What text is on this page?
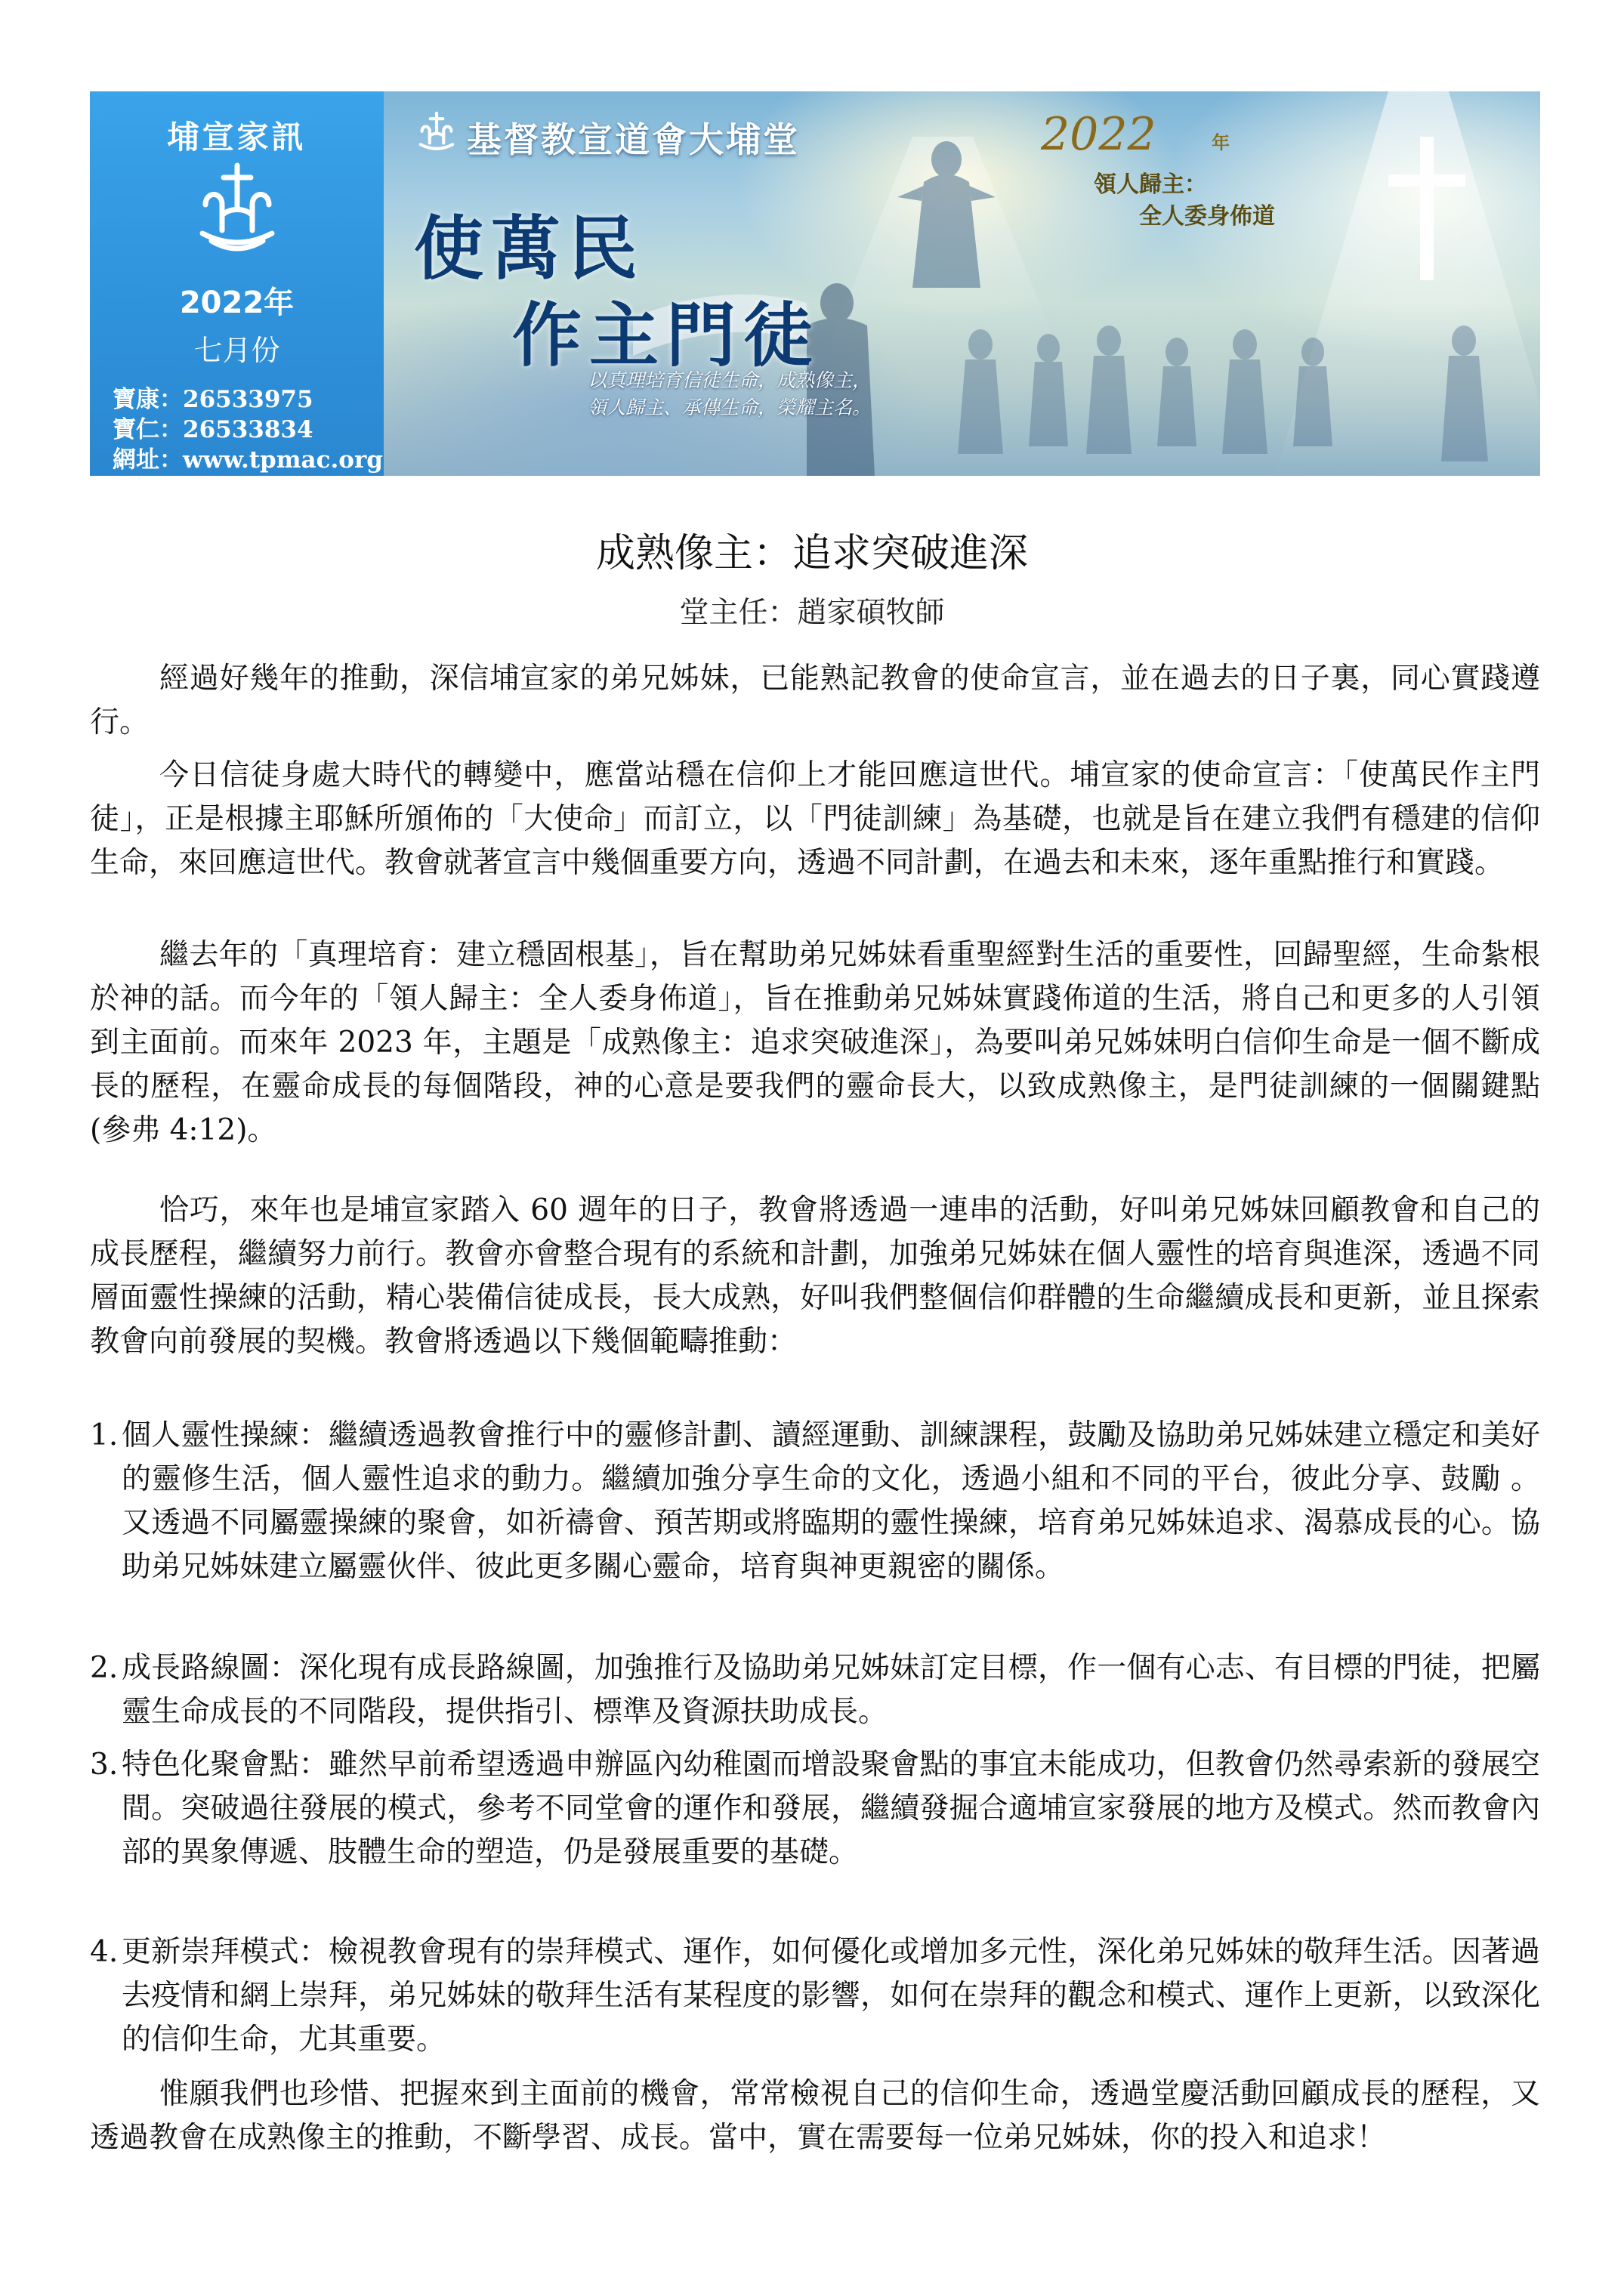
埔宣家訊
2022年
七月份
寶康：26533975
寶仁：26533834
網址：www.tpmac.org
基督教宣道會大埔堂
使萬民
作主門徒
以真理培育信徒生命，成熟像主，
領人歸主、承傳生命，榮耀主名。
2022	年
領人歸主：
全人委身佈道
成熟像主：追求突破進深
堂主任：趙家碩牧師

經過好幾年的推動，深信埔宣家的弟兄姊妹，已能熟記教會的使命宣言，並在過去的日子裏，同心實踐遵行。

今日信徒身處大時代的轉變中，應當站穩在信仰上才能回應這世代。埔宣家的使命宣言：「使萬民作主門徒」，正是根據主耶穌所頒佈的「大使命」而訂立，以「門徒訓練」為基礎，也就是旨在建立我們有穩建的信仰生命，來回應這世代。教會就著宣言中幾個重要方向，透過不同計劃，在過去和未來，逐年重點推行和實踐。

繼去年的「真理培育：建立穩固根基」，旨在幫助弟兄姊妹看重聖經對生活的重要性，回歸聖經，生命紮根於神的話。而今年的「領人歸主：全人委身佈道」，旨在推動弟兄姊妹實踐佈道的生活，將自己和更多的人引領到主面前。而來年 2023 年，主題是「成熟像主：追求突破進深」，為要叫弟兄姊妹明白信仰生命是一個不斷成長的歷程，在靈命成長的每個階段，神的心意是要我們的靈命長大，以致成熟像主，是門徒訓練的一個關鍵點(參弗 4:12)。

恰巧，來年也是埔宣家踏入 60 週年的日子，教會將透過一連串的活動，好叫弟兄姊妹回顧教會和自己的成長歷程，繼續努力前行。教會亦會整合現有的系統和計劃，加強弟兄姊妹在個人靈性的培育與進深，透過不同層面靈性操練的活動，精心裝備信徒成長，長大成熟，好叫我們整個信仰群體的生命繼續成長和更新，並且探索教會向前發展的契機。教會將透過以下幾個範疇推動：

1. 個人靈性操練：繼續透過教會推行中的靈修計劃、讀經運動、訓練課程，鼓勵及協助弟兄姊妹建立穩定和美好的靈修生活，個人靈性追求的動力。繼續加強分享生命的文化，透過小組和不同的平台，彼此分享、鼓勵 。又透過不同屬靈操練的聚會，如祈禱會、預苦期或將臨期的靈性操練，培育弟兄姊妹追求、渴慕成長的心。協助弟兄姊妹建立屬靈伙伴、彼此更多關心靈命，培育與神更親密的關係。
2. 成長路線圖：深化現有成長路線圖，加強推行及協助弟兄姊妹訂定目標，作一個有心志、有目標的門徒，把屬靈生命成長的不同階段，提供指引、標準及資源扶助成長。
3. 特色化聚會點：雖然早前希望透過申辦區內幼稚園而增設聚會點的事宜未能成功，但教會仍然尋索新的發展空間。突破過往發展的模式，參考不同堂會的運作和發展，繼續發掘合適埔宣家發展的地方及模式。然而教會內部的異象傳遞、肢體生命的塑造，仍是發展重要的基礎。
4. 更新崇拜模式：檢視教會現有的崇拜模式、運作，如何優化或增加多元性，深化弟兄姊妹的敬拜生活。因著過去疫情和網上崇拜，弟兄姊妹的敬拜生活有某程度的影響，如何在崇拜的觀念和模式、運作上更新，以致深化的信仰生命，尤其重要。

惟願我們也珍惜、把握來到主面前的機會，常常檢視自己的信仰生命，透過堂慶活動回顧成長的歷程，又透過教會在成熟像主的推動，不斷學習、成長。當中，實在需要每一位弟兄姊妹，你的投入和追求！
